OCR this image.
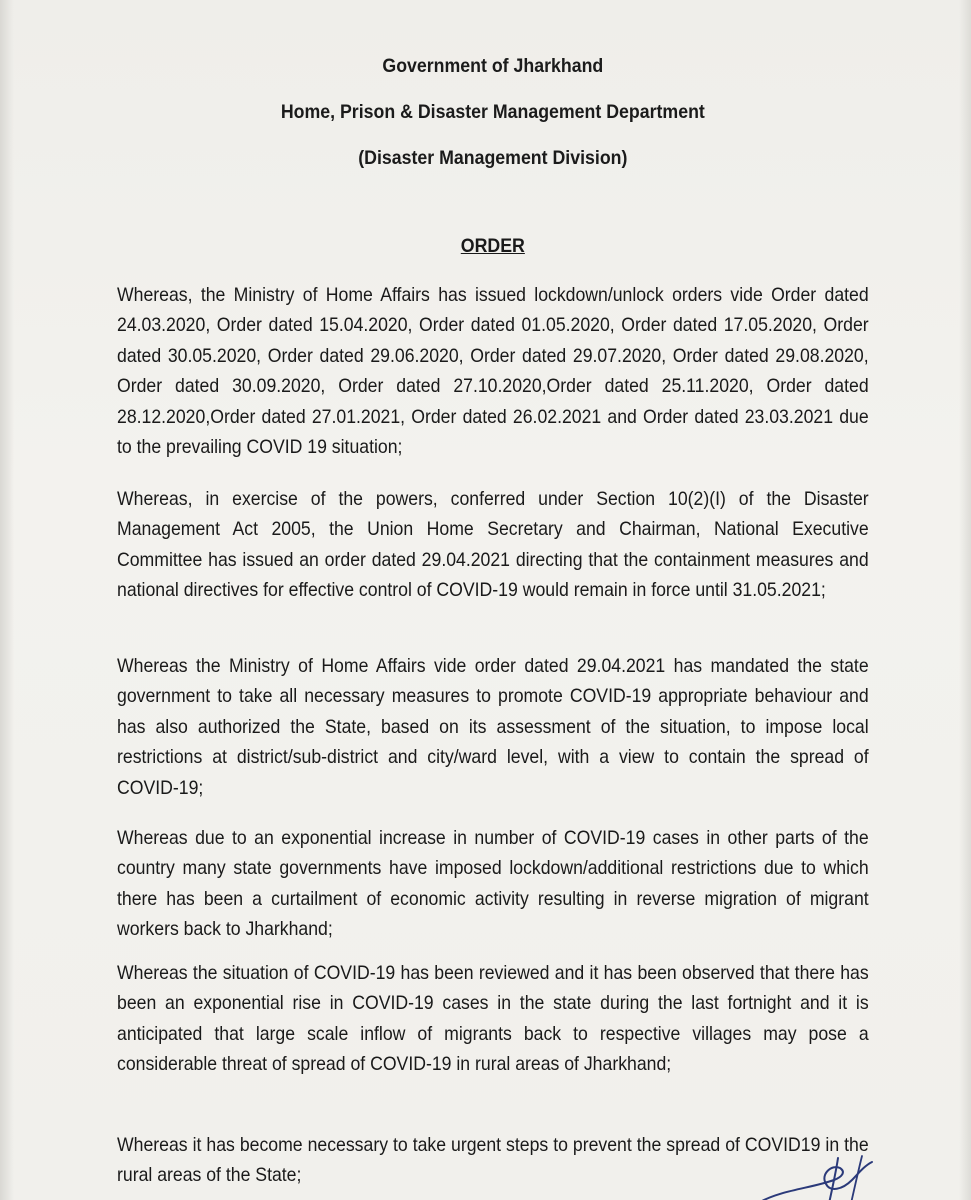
Government of Jharkhand
Home, Prison & Disaster Management Department
(Disaster Management Division)
ORDER

Whereas, the Ministry of Home Affairs has issued lockdown/unlock orders vide Order dated 24.03.2020, Order dated 15.04.2020, Order dated 01.05.2020, Order dated 17.05.2020, Order dated 30.05.2020, Order dated 29.06.2020, Order dated 29.07.2020, Order dated 29.08.2020, Order dated 30.09.2020, Order dated 27.10.2020,Order dated 25.11.2020, Order dated 28.12.2020,Order dated 27.01.2021, Order dated 26.02.2021 and Order dated 23.03.2021 due to the prevailing COVID 19 situation;

Whereas, in exercise of the powers, conferred under Section 10(2)(I) of the Disaster Management Act 2005, the Union Home Secretary and Chairman, National Executive Committee has issued an order dated 29.04.2021 directing that the containment measures and national directives for effective control of COVID-19 would remain in force until 31.05.2021;

Whereas the Ministry of Home Affairs vide order dated 29.04.2021 has mandated the state government to take all necessary measures to promote COVID-19 appropriate behaviour and has also authorized the State, based on its assessment of the situation, to impose local restrictions at district/sub-district and city/ward level, with a view to contain the spread of COVID-19;

Whereas due to an exponential increase in number of COVID-19 cases in other parts of the country many state governments have imposed lockdown/additional restrictions due to which there has been a curtailment of economic activity resulting in reverse migration of migrant workers back to Jharkhand;

Whereas the situation of COVID-19 has been reviewed and it has been observed that there has been an exponential rise in COVID-19 cases in the state during the last fortnight and it is anticipated that large scale inflow of migrants back to respective villages may pose a considerable threat of spread of COVID-19 in rural areas of Jharkhand;

Whereas it has become necessary to take urgent steps to prevent the spread of COVID19 in the rural areas of the State;
